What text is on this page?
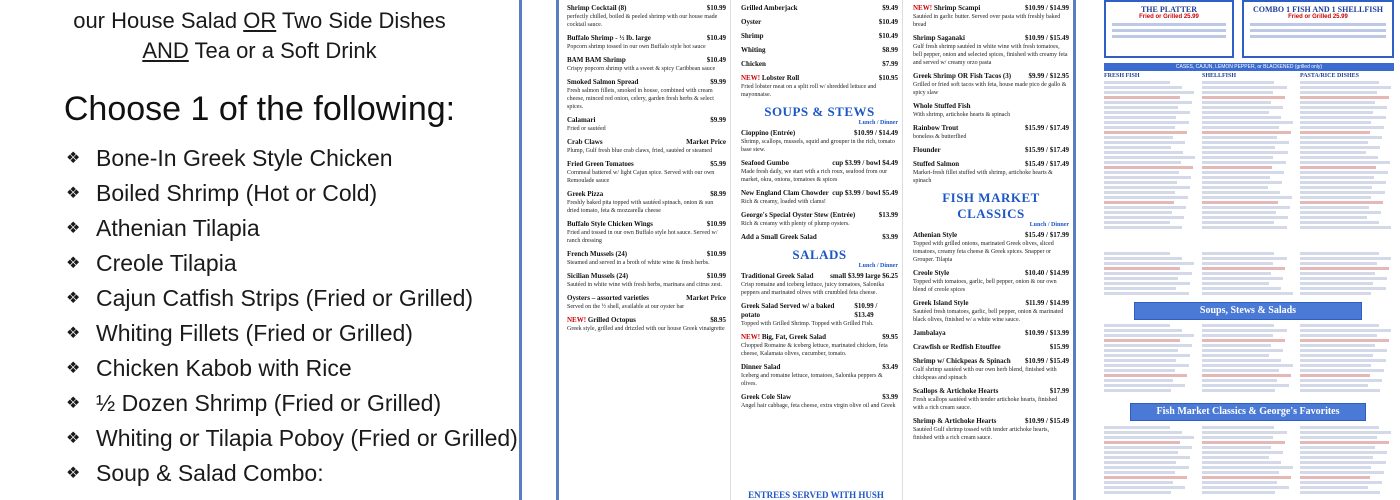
our House Salad OR Two Side Dishes
AND Tea or a Soft Drink
Choose 1 of the following:
❖ Bone-In Greek Style Chicken
❖ Boiled Shrimp (Hot or Cold)
❖ Athenian Tilapia
❖ Creole Tilapia
❖ Cajun Catfish Strips (Fried or Grilled)
❖ Whiting Fillets (Fried or Grilled)
❖ Chicken Kabob with Rice
❖ ½ Dozen Shrimp (Fried or Grilled)
❖ Whiting or Tilapia Poboy (Fried or Grilled)
❖ Soup & Salad Combo:
Shrimp Cocktail (8)	$10.99
perfectly chilled, boiled & peeled shrimp with our house made cocktail sauce.
Buffalo Shrimp - ½ lb. large	$10.49
Popcorn shrimp tossed in our own Buffalo style hot sauce
BAM BAM Shrimp	$10.49
Crispy popcorn shrimp with a sweet & spicy Caribbean sauce
Smoked Salmon Spread	$9.99
Fresh salmon fillets, smoked in house, combined with cream cheese, minced red onion, celery, garden fresh herbs & select spices.
Calamari	$9.99
Fried or sautéed
Crab Claws	Market Price
Plump, Gulf fresh blue crab claws, fried, sautéed or steamed
Fried Green Tomatoes	$5.99
Cornmeal battered w/ light Cajun spice. Served with our own Remoulade sauce
Greek Pizza	$8.99
Freshly baked pita topped with sautéed spinach, onion & sun dried tomato, feta & mozzarella cheese
Buffalo Style Chicken Wings	$10.99
Fried and tossed in our own Buffalo style hot sauce. Served w/ ranch dressing
French Mussels (24)	$10.99
Steamed and served in a broth of white wine & fresh herbs.
Sicilian Mussels (24)	$10.99
Sautéed in white wine with fresh herbs, marinara and citrus zest.
Oysters – assorted varieties	Market Price
Served on the ½ shell, available at our oyster bar
NEW! Grilled Octopus	$8.95
Greek style, grilled and drizzled with our house Greek vinaigrette
Grilled Amberjack	$9.49
Oyster	$10.49
Shrimp	$10.49
Whiting	$8.99
Chicken	$7.99
NEW! Lobster Roll	$10.95
Fried lobster meat on a split roll w/ shredded lettuce and mayonnaise.
SOUPS & STEWS
Lunch / Dinner
Cioppino (Entrée)	$10.99 / $14.49
Shrimp, scallops, mussels, squid and grouper in the rich, tomato base stew.
Seafood Gumbo	cup $3.99 / bowl $4.49
Made fresh daily, we start with a rich roux, seafood from our market, okra, onions, tomatoes & spices
New England Clam Chowder cup $3.99 / bowl $5.49
Rich & creamy, loaded with clams!
George's Special Oyster Stew (Entrée)	$13.99
Rich & creamy with plenty of plump oysters.
Add a Small Greek Salad	$3.99
SALADS
Lunch / Dinner
Traditional Greek Salad small $3.99 large $6.25
Crisp romaine and iceberg lettuce, juicy tomatoes, Salonika peppers and marinated olives with crumbled feta cheese.
Greek Salad Served w/ a baked potato
$10.99 / $13.49
Topped with Grilled Shrimp. Topped with Grilled Fish.
NEW! Big, Fat, Greek Salad	$9.95
Chopped Romaine & iceberg lettuce, marinated chicken, feta cheese, Kalamata olives, cucumber, tomato.
Dinner Salad	$3.49
Iceberg and romaine lettuce, tomatoes, Salonika peppers & olives.
Greek Cole Slaw	$3.99
Angel hair cabbage, feta cheese, extra virgin olive oil and Greek
NEW! Shrimp Scampi	$10.99 / $14.99
Sautéed in garlic butter. Served over pasta with freshly baked bread
Shrimp Saganaki	$10.99 / $15.49
Gulf fresh shrimp sautéed in white wine with fresh tomatoes, bell pepper, onion and selected spices, finished with creamy feta and served w/ creamy orzo pasta
Greek Shrimp OR Fish Tacos (3) $9.99 / $12.95
Grilled or fried soft tacos with feta, house made pico de gallo & spicy slaw
Whole Stuffed Fish
With shrimp, artichoke hearts & spinach
Rainbow Trout	$15.99 / $17.49
boneless & butterflied
Flounder	$15.99 / $17.49
Stuffed Salmon	$15.49 / $17.49
Market-fresh fillet stuffed with shrimp, artichoke hearts & spinach
FISH MARKET CLASSICS
Lunch / Dinner
Athenian Style	$15.49 / $17.99
Topped with grilled onions, marinated Greek olives, sliced tomatoes, creamy feta cheese & Greek spices. Snapper or Grouper. Tilapia
Creole Style	$10.40 / $14.99
Topped with tomatoes, garlic, bell pepper, onion & our own blend of creole spices
Greek Island Style	$11.99 / $14.99
Sautéed fresh tomatoes, garlic, bell pepper, onion & marinated black olives, finished w/ a white wine sauce.
Jambalaya	$10.99 / $13.99
Crawfish or Redfish Etouffee	$15.99
Shrimp w/ Chickpeas & Spinach $10.99 / $15.49
Gulf shrimp sautéed with our own herb blend, finished with chickpeas and spinach
Scallops & Artichoke Hearts	$17.99
Fresh scallops sautéed with tender artichoke hearts, finished with a rich cream sauce.
Shrimp & Artichoke Hearts	$10.99 / $15.49
Sautéed Gulf shrimp tossed with tender artichoke hearts, finished with a rich cream sauce.
ENTREES SERVED WITH HUSH
THE PLATTER
Fried or Grilled 25.99
COMBO 1 FISH AND 1 SHELLFISH
Fried or Grilled 25.99
CASES, CAJUN, LEMON PEPPER, or BLACKENED (grilled only)
FRESH FISH	SHELLFISH	PASTA/RICE DISHES
Soups, Stews & Salads
Fish Market Classics & George's Favorites
